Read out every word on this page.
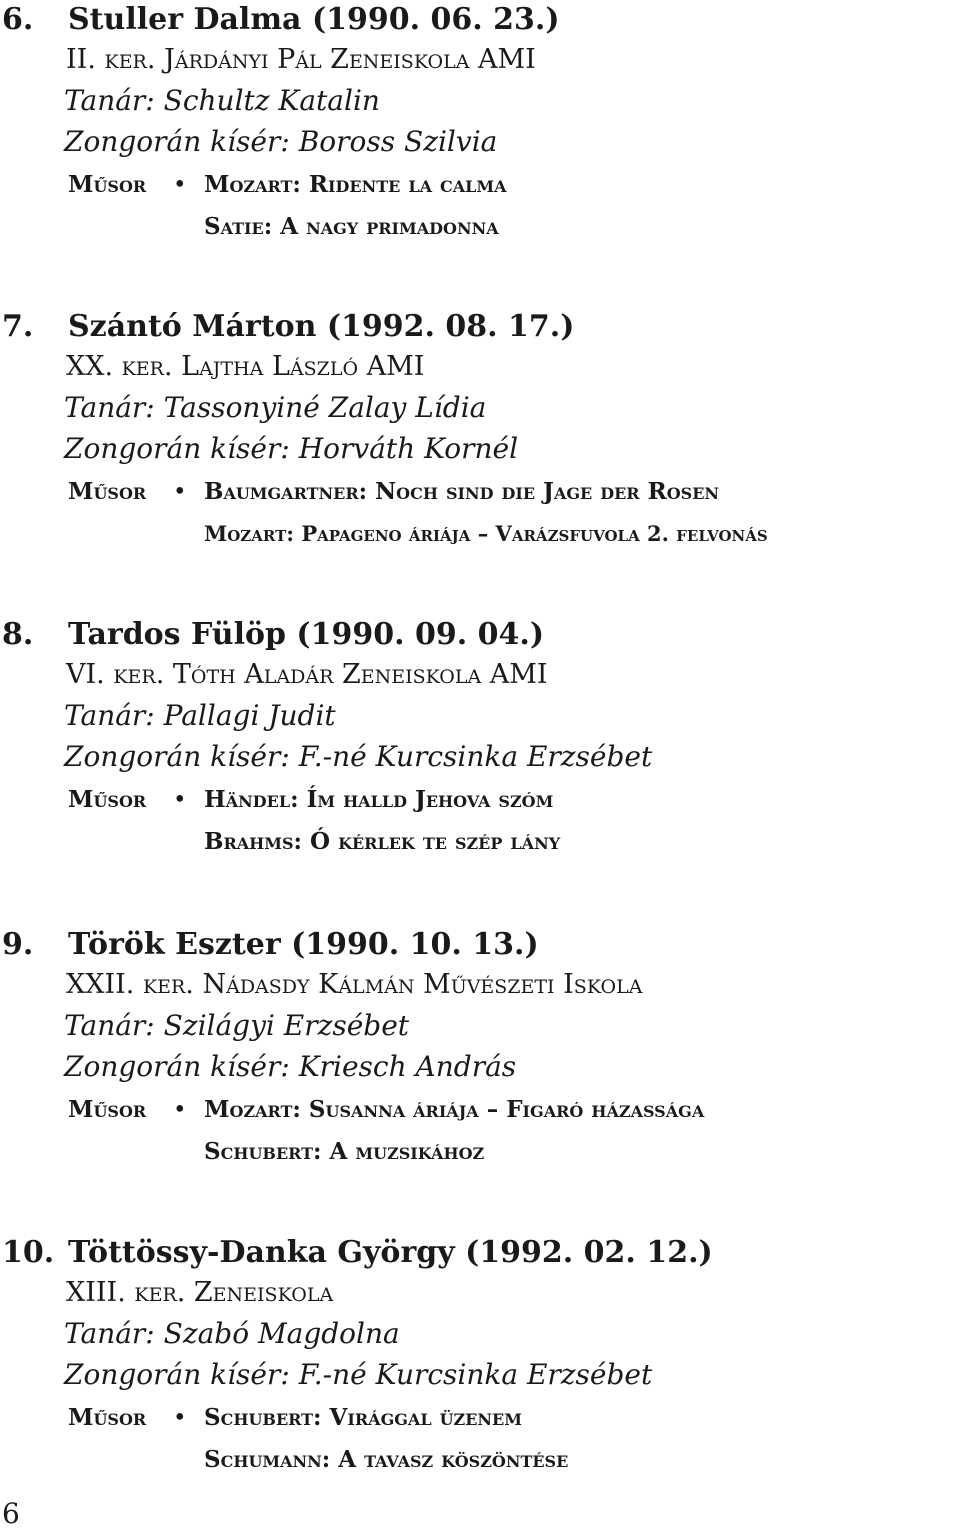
6. Stuller Dalma (1990. 06. 23.)
II. ker. Járdányi Pál Zeneiskola AMI
Tanár: Schultz Katalin
Zongorán kísér: Boross Szilvia
Műsor • Mozart: Ridente la calma
Satie: A nagy primadonna
7. Szántó Márton (1992. 08. 17.)
XX. ker. Lajtha László AMI
Tanár: Tassonyiné Zalay Lídia
Zongorán kísér: Horváth Kornél
Műsor • Baumgartner: Noch sind die Jage der Rosen
Mozart: Papageno áriája – Varázsfuvola 2. felvonás
8. Tardos Fülöp (1990. 09. 04.)
VI. ker. Tóth Aladár Zeneiskola AMI
Tanár: Pallagi Judit
Zongorán kísér: F.-né Kurcsinka Erzsébet
Műsor • Händel: Ím halld Jehova szóm
Brahms: Ó kérlek te szép lány
9. Török Eszter (1990. 10. 13.)
XXII. ker. Nádasdy Kálmán Művészeti Iskola
Tanár: Szilágyi Erzsébet
Zongorán kísér: Kriesch András
Műsor • Mozart: Susanna áriája – Figaró házassága
Schubert: A muzsikához
10. Töttössy-Danka György (1992. 02. 12.)
XIII. ker. Zeneiskola
Tanár: Szabó Magdolna
Zongorán kísér: F.-né Kurcsinka Erzsébet
Műsor • Schubert: Virággal üzenem
Schumann: A tavasz köszöntése
6
